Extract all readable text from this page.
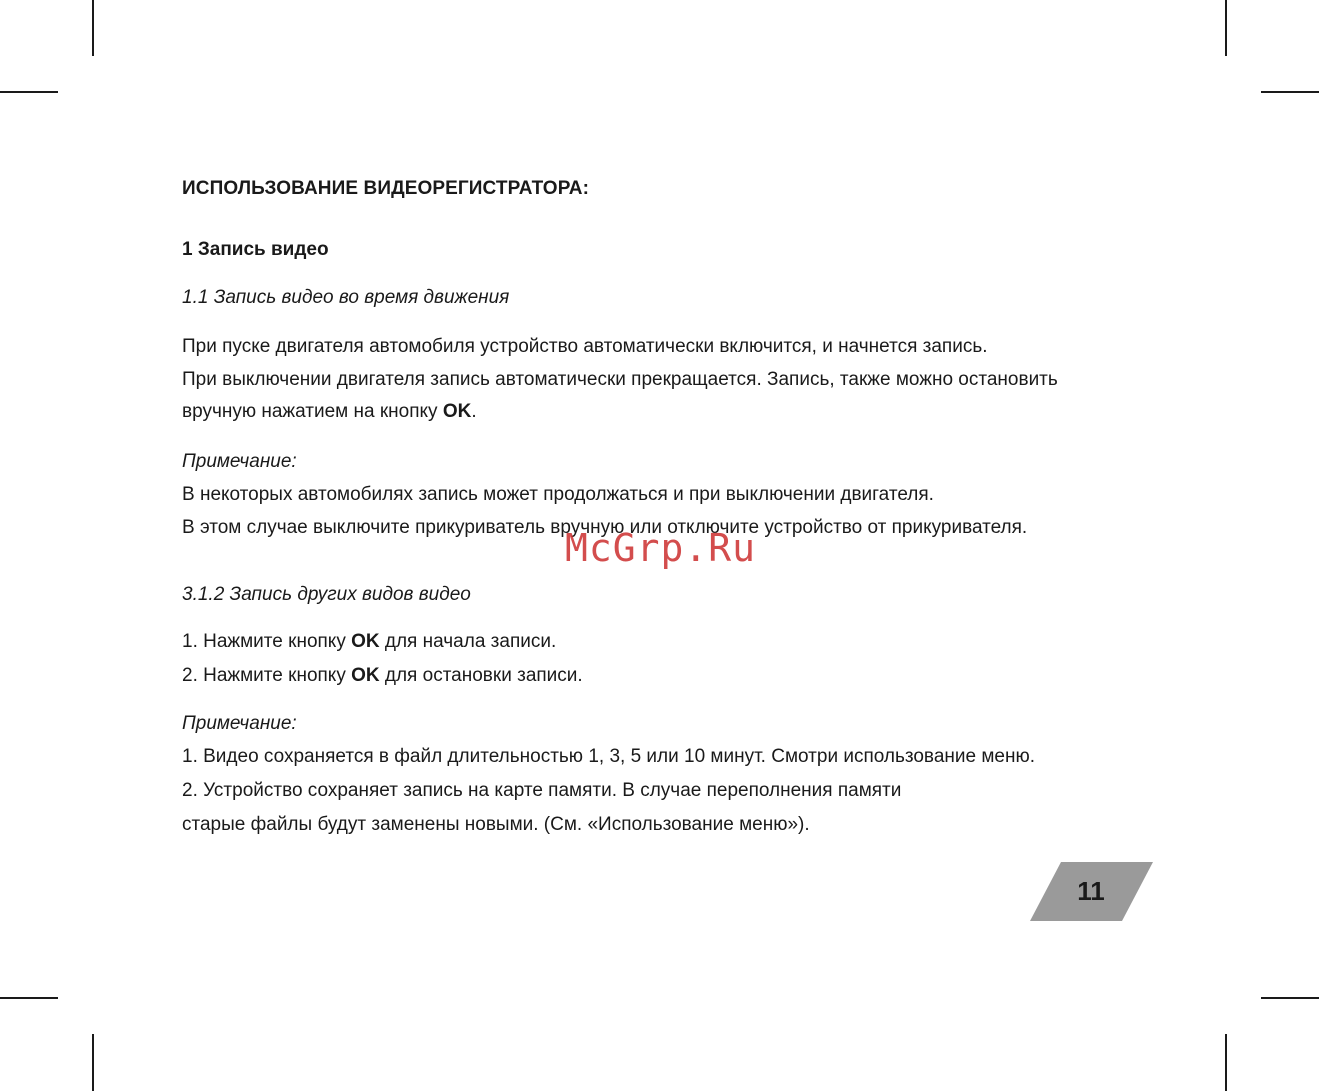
ИСПОЛЬЗОВАНИЕ ВИДЕОРЕГИСТРАТОРА:
1 Запись видео
1.1 Запись видео во время движения
При пуске двигателя автомобиля устройство автоматически включится, и начнется запись.
При выключении двигателя запись автоматически прекращается. Запись, также можно остановить
вручную нажатием на кнопку OK.
Примечание:
В некоторых автомобилях запись может продолжаться и при выключении двигателя.
В этом случае выключите прикуриватель вручную или отключите устройство от прикуривателя.
3.1.2 Запись других видов видео
1. Нажмите кнопку OK для начала записи.
2. Нажмите кнопку OK для остановки записи.
Примечание:
1. Видео сохраняется в файл длительностью 1, 3, 5 или 10 минут. Смотри использование меню.
2. Устройство сохраняет запись на карте памяти. В случае переполнения памяти
старые файлы будут заменены новыми. (См. «Использование меню»).
McGrp.Ru
11
